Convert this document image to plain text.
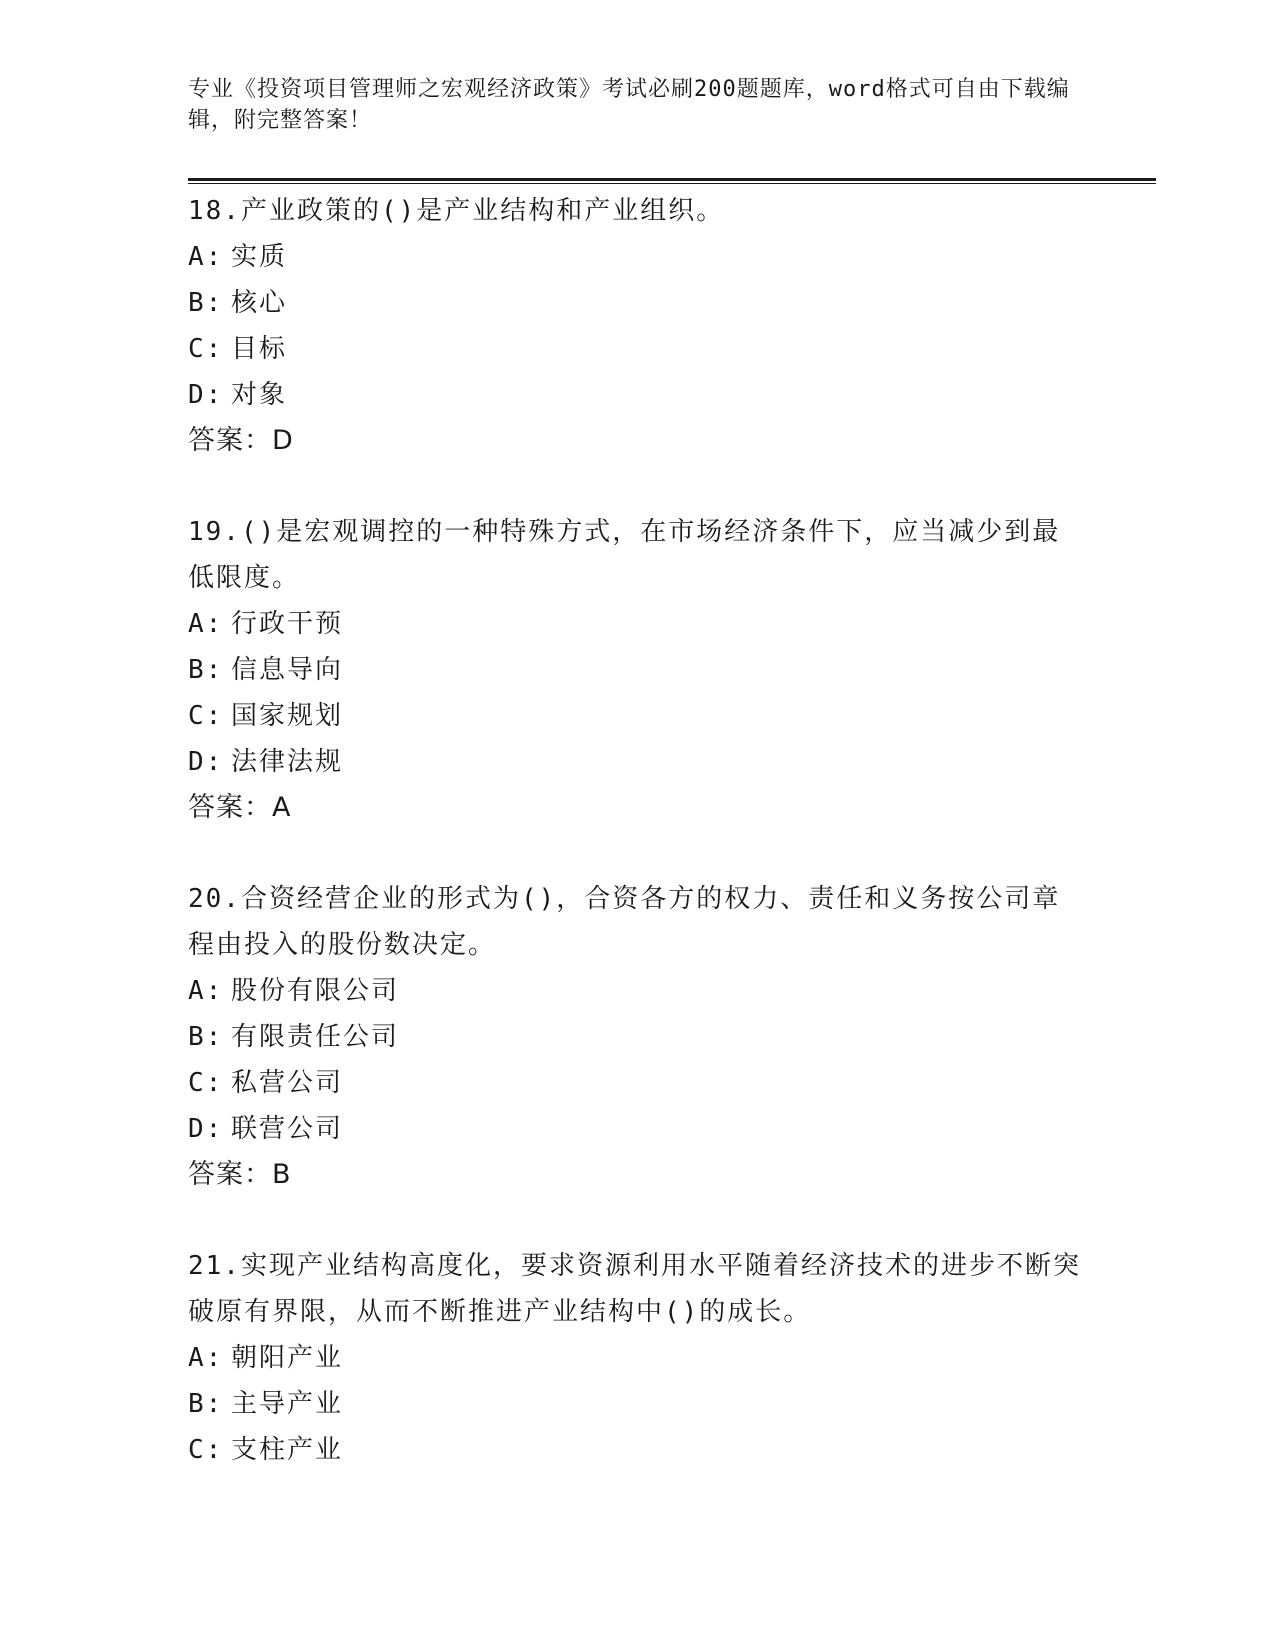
专业《投资项目管理师之宏观经济政策》考试必刷200题题库，word格式可自由下载编辑，附完整答案！
18.产业政策的()是产业结构和产业组织。
A: 实质
B: 核心
C: 目标
D: 对象
答案：D
19.()是宏观调控的一种特殊方式，在市场经济条件下，应当减少到最低限度。
A: 行政干预
B: 信息导向
C: 国家规划
D: 法律法规
答案：A
20.合资经营企业的形式为()，合资各方的权力、责任和义务按公司章程由投入的股份数决定。
A: 股份有限公司
B: 有限责任公司
C: 私营公司
D: 联营公司
答案：B
21.实现产业结构高度化，要求资源利用水平随着经济技术的进步不断突破原有界限，从而不断推进产业结构中()的成长。
A: 朝阳产业
B: 主导产业
C: 支柱产业
